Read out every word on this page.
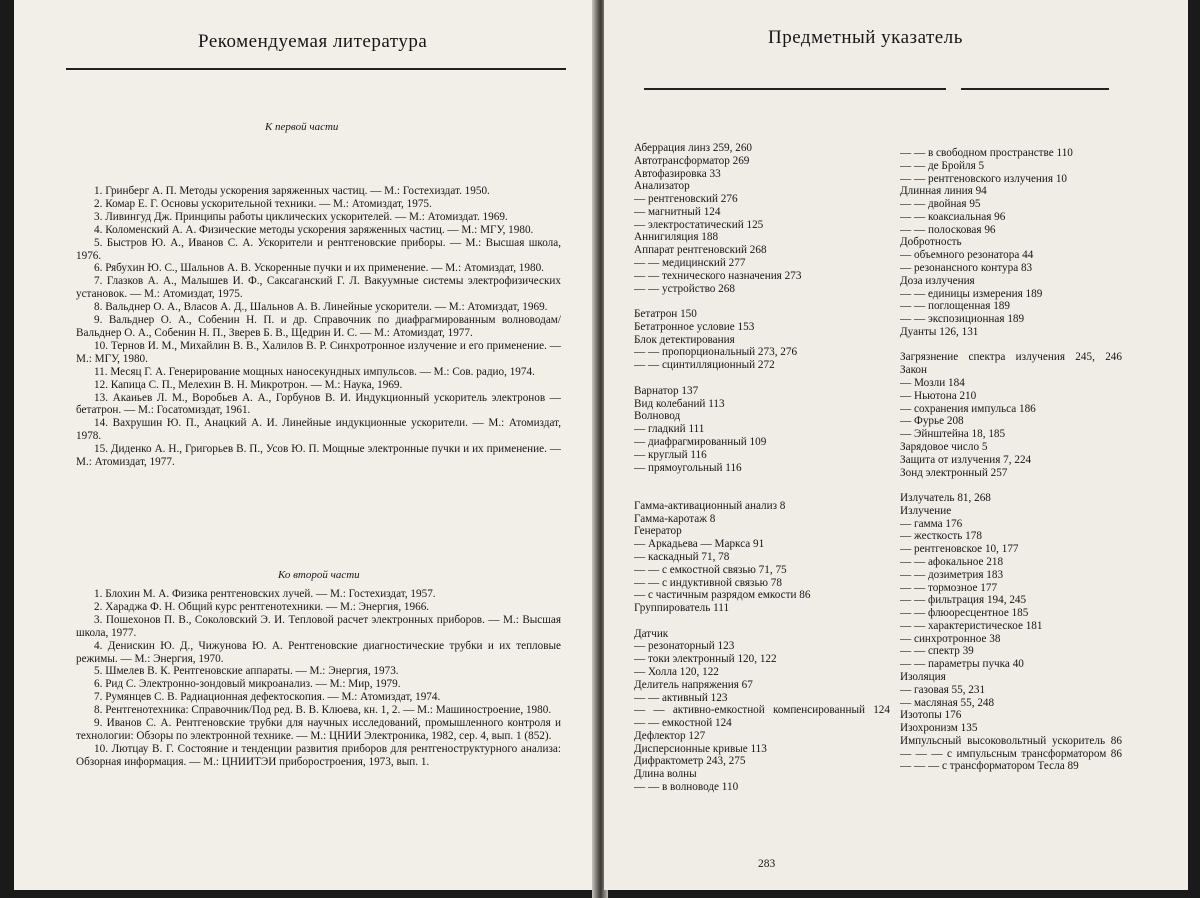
Рекомендуемая литература
К первой части
1. Гринберг А. П. Методы ускорения заряженных частиц. — М.: Гостехиздат. 1950.
2. Комар Е. Г. Основы ускорительной техники. — М.: Атомиздат, 1975.
3. Ливингуд Дж. Принципы работы циклических ускорителей. — М.: Атомиздат. 1969.
4. Коломенский А. А. Физические методы ускорения заряженных частиц. — М.: МГУ, 1980.
5. Быстров Ю. А., Иванов С. А. Ускорители и рентгеновские приборы. — М.: Высшая школа, 1976.
6. Рябухин Ю. С., Шальнов А. В. Ускоренные пучки и их применение. — М.: Атомиздат, 1980.
7. Глазков А. А., Малышев И. Ф., Саксаганский Г. Л. Вакуумные системы электрофизических установок. — М.: Атомиздат, 1975.
8. Вальднер О. А., Власов А. Д., Шальнов А. В. Линейные ускорители. — М.: Атомиздат, 1969.
9. Вальднер О. А., Собенин Н. П. и др. Справочник по диафрагмированным волноводам/Вальднер О. А., Собенин Н. П., Зверев Б. В., Щедрин И. С. — М.: Атомиздат, 1977.
10. Тернов И. М., Михайлин В. В., Халилов В. Р. Синхротронное излучение и его применение. — М.: МГУ, 1980.
11. Месяц Г. А. Генерирование мощных наносекундных импульсов. — М.: Сов. радио, 1974.
12. Капица С. П., Мелехин В. Н. Микротрон. — М.: Наука, 1969.
13. Акаиьев Л. М., Воробьев А. А., Горбунов В. И. Индукционный ускоритель электронов — бетатрон. — М.: Госатомиздат, 1961.
14. Вахрушин Ю. П., Анацкий А. И. Линейные индукционные ускорители. — М.: Атомиздат, 1978.
15. Диденко А. Н., Григорьев В. П., Усов Ю. П. Мощные электронные пучки и их применение. — М.: Атомиздат, 1977.
Ко второй части
1. Блохин М. А. Физика рентгеновских лучей. — М.: Гостехиздат, 1957.
2. Хараджа Ф. Н. Общий курс рентгенотехники. — М.: Энергия, 1966.
3. Пошехонов П. В., Соколовский Э. И. Тепловой расчет электронных приборов. — М.: Высшая школа, 1977.
4. Денискин Ю. Д., Чижунова Ю. А. Рентгеновские диагностические трубки и их тепловые режимы. — М.: Энергия, 1970.
5. Шмелев В. К. Рентгеновские аппараты. — М.: Энергия, 1973.
6. Рид С. Электронно-зондовый микроанализ. — М.: Мир, 1979.
7. Румянцев С. В. Радиационная дефектоскопия. — М.: Атомиздат, 1974.
8. Рентгенотехника: Справочник/Под ред. В. В. Клюева, кн. 1, 2. — М.: Машиностроение, 1980.
9. Иванов С. А. Рентгеновские трубки для научных исследований, промышленного контроля и технологии: Обзоры по электронной технике. — М.: ЦНИИ Электроника, 1982, сер. 4, вып. 1 (852).
10. Лютцау В. Г. Состояние и тенденции развития приборов для рентгеноструктурного анализа: Обзорная информация. — М.: ЦНИИТЭИ приборостроения, 1973, вып. 1.
Предметный указатель
Аберрация линз 259, 260
Автотрансформатор 269
Автофазировка 33
Анализатор
— рентгеновский 276
— магнитный 124
— электростатический 125
Аннигиляция 188
Аппарат рентгеновский 268
— — медицинский 277
— — технического назначения 273
— — устройство 268
Бетатрон 150
Бетатронное условие 153
Блок детектирования
— — пропорциональный 273, 276
— — сцинтилляционный 272
Варнатор 137
Вид колебаний 113
Волновод
— гладкий 111
— диафрагмированный 109
— круглый 116
— прямоугольный 116
Гамма-активационный анализ 8
Гамма-каротаж 8
Генератор
— Аркадьева — Маркса 91
— каскадный 71, 78
— — с емкостной связью 71, 75
— — с индуктивной связью 78
— с частичным разрядом емкости 86
Группирователь 111
Датчик
— резонаторный 123
— токи электронный 120, 122
— Холла 120, 122
Делитель напряжения 67
— — активный 123
— — активно-емкостной компенсированный 124
— — емкостной 124
Дефлектор 127
Дисперсионные кривые 113
Дифрактометр 243, 275
Длина волны
— — в волноводе 110
— — в свободном пространстве 110
— — де Бройля 5
— — рентгеновского излучения 10
Длинная линия 94
— — двойная 95
— — коаксиальная 96
— — полосковая 96
Добротность
— объемного резонатора 44
— резонансного контура 83
Доза излучения
— — единицы измерения 189
— — поглощенная 189
— — экспозиционная 189
Дуанты 126, 131
Загрязнение спектра излучения 245, 246
Закон
— Мозли 184
— Ньютона 210
— сохранения импульса 186
— Фурье 208
— Эйнштейна 18, 185
Зарядовое число 5
Защита от излучения 7, 224
Зонд электронный 257
Излучатель 81, 268
Излучение
— гамма 176
— жесткость 178
— рентгеновское 10, 177
— — афокальное 218
— — дозиметрия 183
— — тормозное 177
— — фильтрация 194, 245
— — флюоресцентное 185
— — характеристическое 181
— синхротронное 38
— — спектр 39
— — параметры пучка 40
Изоляция
— газовая 55, 231
— масляная 55, 248
Изотопы 176
Изохронизм 135
Импульсный высоковольтный ускоритель 86
— — — с импульсным трансформатором 86
— — — с трансформатором Тесла 89
283
